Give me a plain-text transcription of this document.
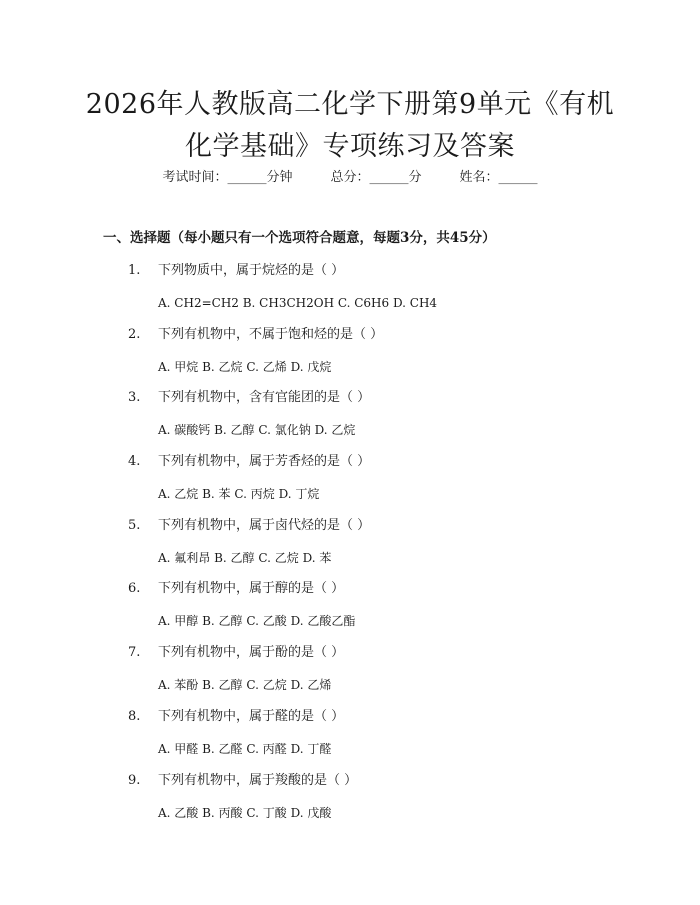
2026年人教版高二化学下册第9单元《有机
化学基础》专项练习及答案
考试时间：______分钟	总分：______分	姓名：______
一、选择题（每小题只有一个选项符合题意，每题3分，共45分）
1. 下列物质中，属于烷烃的是（ ）
A. CH2=CH2 B. CH3CH2OH C. C6H6 D. CH4
2. 下列有机物中，不属于饱和烃的是（ ）
A. 甲烷 B. 乙烷 C. 乙烯 D. 戊烷
3. 下列有机物中，含有官能团的是（ ）
A. 碳酸钙 B. 乙醇 C. 氯化钠 D. 乙烷
4. 下列有机物中，属于芳香烃的是（ ）
A. 乙烷 B. 苯 C. 丙烷 D. 丁烷
5. 下列有机物中，属于卤代烃的是（ ）
A. 氟利昂 B. 乙醇 C. 乙烷 D. 苯
6. 下列有机物中，属于醇的是（ ）
A. 甲醇 B. 乙醇 C. 乙酸 D. 乙酸乙酯
7. 下列有机物中，属于酚的是（ ）
A. 苯酚 B. 乙醇 C. 乙烷 D. 乙烯
8. 下列有机物中，属于醛的是（ ）
A. 甲醛 B. 乙醛 C. 丙醛 D. 丁醛
9. 下列有机物中，属于羧酸的是（ ）
A. 乙酸 B. 丙酸 C. 丁酸 D. 戊酸
